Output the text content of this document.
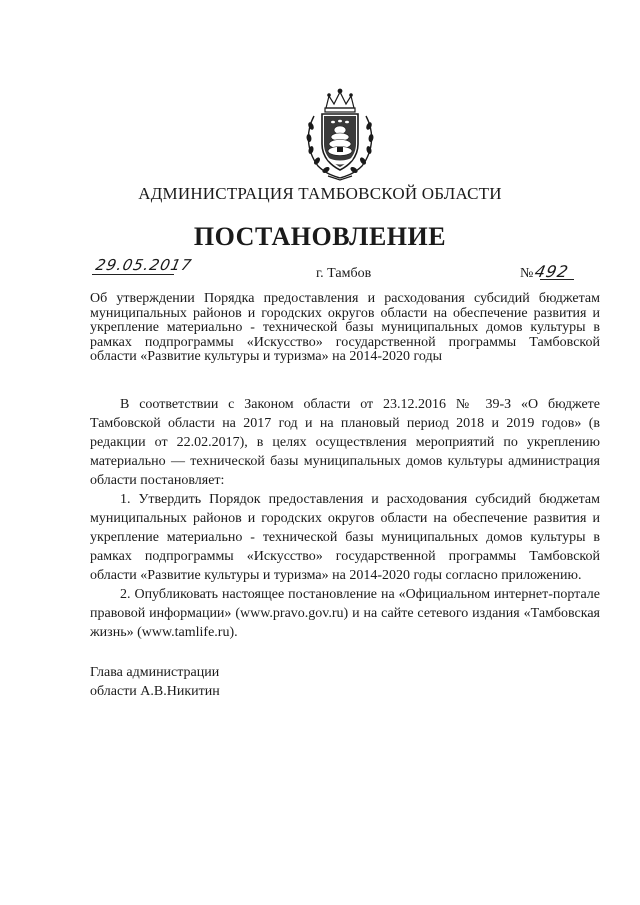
АДМИНИСТРАЦИЯ ТАМБОВСКОЙ ОБЛАСТИ
ПОСТАНОВЛЕНИЕ
29.05.2017	г. Тамбов	№492
Об утверждении Порядка предоставления и расходования субсидий бюджетам муниципальных районов и городских округов области на обеспечение развития и укрепление материально - технической базы муниципальных домов культуры в рамках подпрограммы «Искусство» государственной программы Тамбовской области «Развитие культуры и туризма» на 2014-2020 годы

В соответствии с Законом области от 23.12.2016 № 39-З «О бюджете Тамбовской области на 2017 год и на плановый период 2018 и 2019 годов» (в редакции от 22.02.2017), в целях осуществления мероприятий по укреплению материально — технической базы муниципальных домов культуры администрация области постановляет:

1. Утвердить Порядок предоставления и расходования субсидий бюджетам муниципальных районов и городских округов области на обеспечение развития и укрепление материально - технической базы муниципальных домов культуры в рамках подпрограммы «Искусство» государственной программы Тамбовской области «Развитие культуры и туризма» на 2014-2020 годы согласно приложению.

2. Опубликовать настоящее постановление на «Официальном интернет-портале правовой информации» (www.pravo.gov.ru) и на сайте сетевого издания «Тамбовская жизнь» (www.tamlife.ru).

Глава администрации
области А.В.Никитин
